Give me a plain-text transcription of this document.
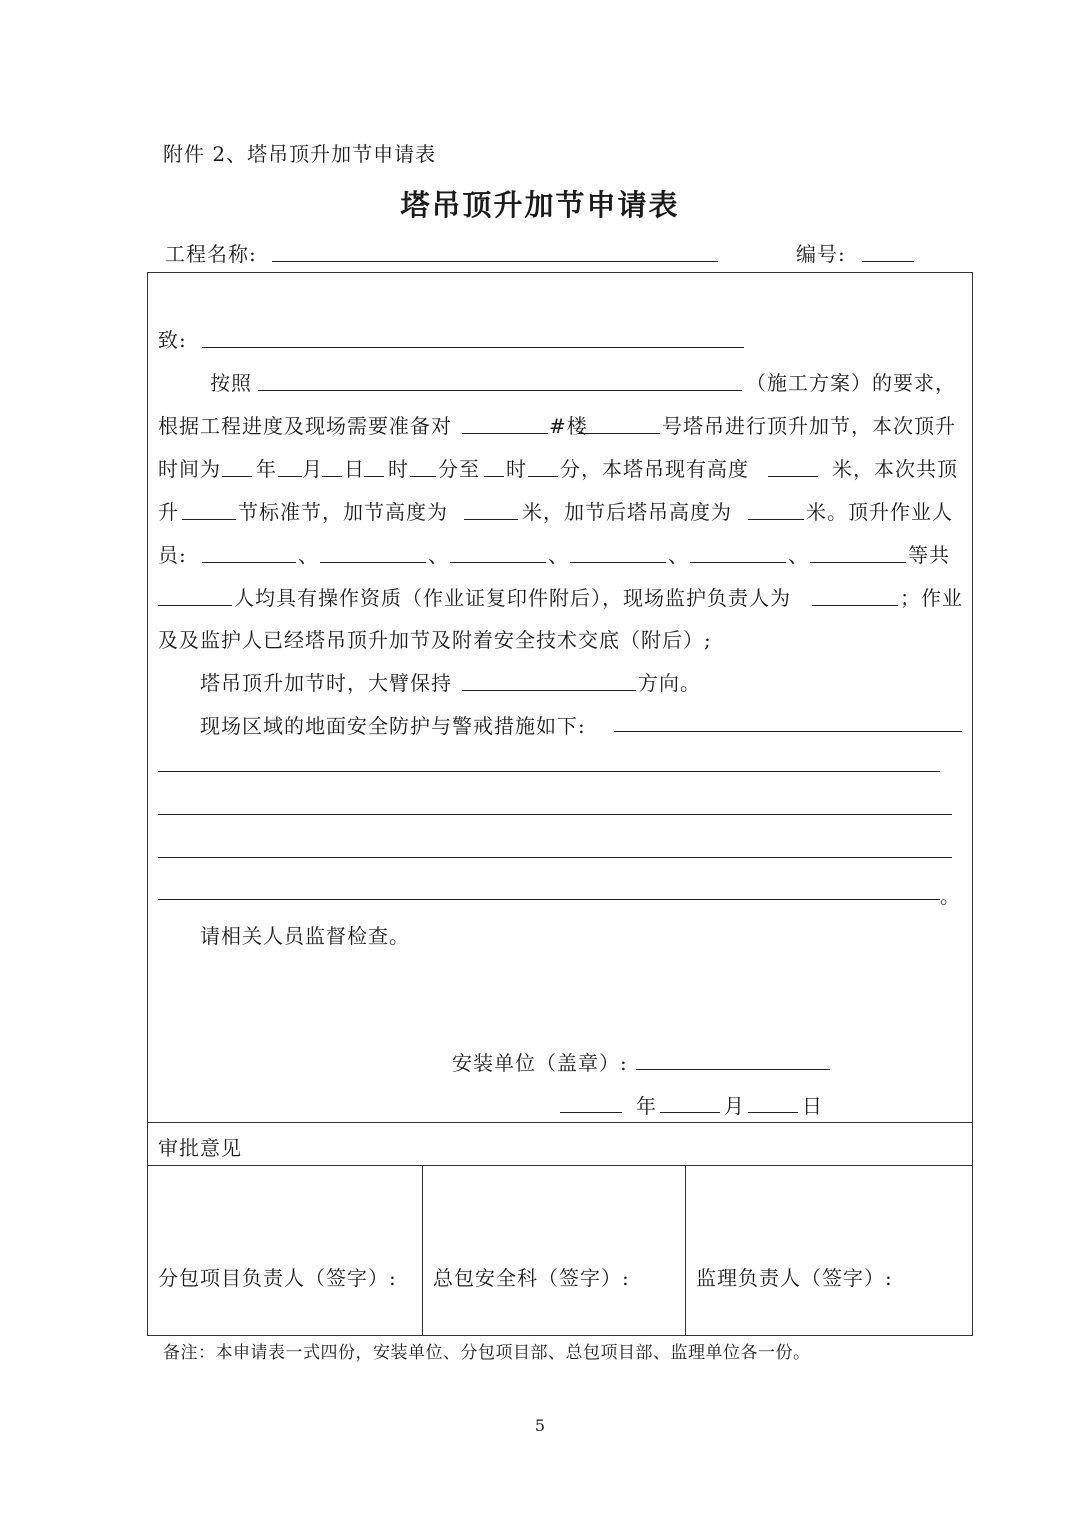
附件 2、塔吊顶升加节申请表
塔吊顶升加节申请表
工程名称:	编号:
致:
按照	（施工方案）的要求，
根据工程进度及现场需要准备对	#楼	号塔吊进行顶升加节，本次顶升
时间为 年 月 日 时 分至 时 分，本塔吊现有高度	米，本次共顶
升	节标准节，加节高度为	米，加节后塔吊高度为	米。顶升作业人
员:	、	、	、	、	、	等共
人均具有操作资质（作业证复印件附后），现场监护负责人为	；作业
及及监护人已经塔吊顶升加节及附着安全技术交底（附后）;
塔吊顶升加节时，大臂保持	方向。
现场区域的地面安全防护与警戒措施如下:
。
请相关人员监督检查。
安装单位（盖章）:
年	月	日
审批意见
分包项目负责人（签字）: 总包安全科（签字）:	监理负责人（签字）:
备注：本申请表一式四份，安装单位、分包项目部、总包项目部、监理单位各一份。
5
